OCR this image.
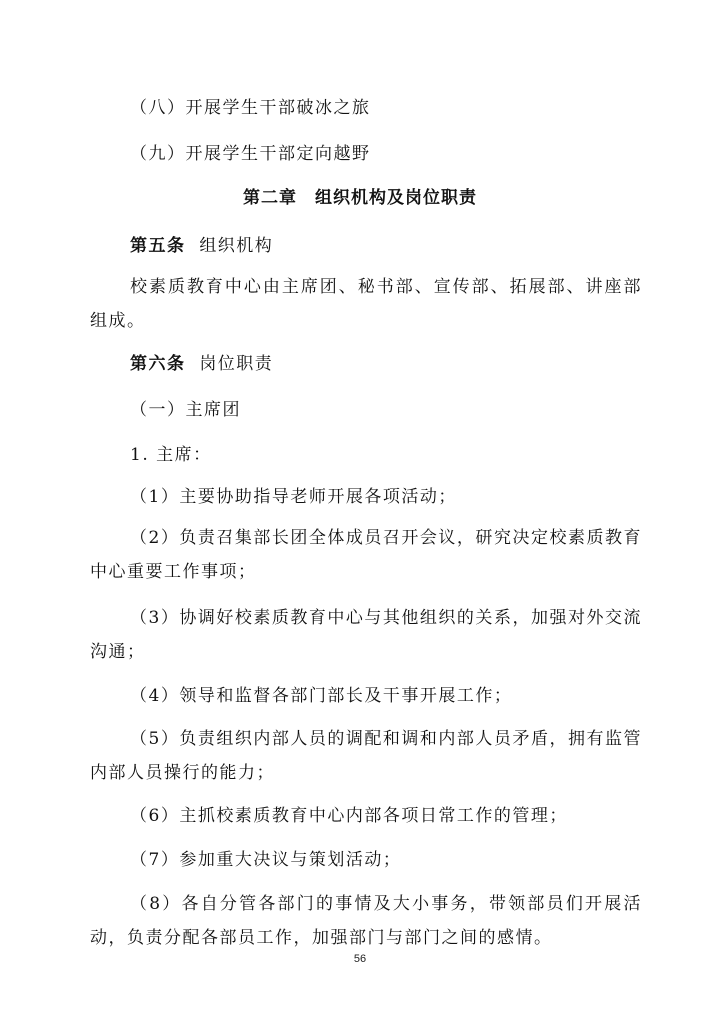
（八）开展学生干部破冰之旅
（九）开展学生干部定向越野
第二章 组织机构及岗位职责
第五条 组织机构
校素质教育中心由主席团、秘书部、宣传部、拓展部、讲座部组成。
第六条 岗位职责
（一）主席团
1. 主席：
（1）主要协助指导老师开展各项活动；
（2）负责召集部长团全体成员召开会议，研究决定校素质教育中心重要工作事项；
（3）协调好校素质教育中心与其他组织的关系，加强对外交流沟通；
（4）领导和监督各部门部长及干事开展工作；
（5）负责组织内部人员的调配和调和内部人员矛盾，拥有监管内部人员操行的能力；
（6）主抓校素质教育中心内部各项日常工作的管理；
（7）参加重大决议与策划活动；
（8）各自分管各部门的事情及大小事务，带领部员们开展活动，负责分配各部员工作，加强部门与部门之间的感情。
56
